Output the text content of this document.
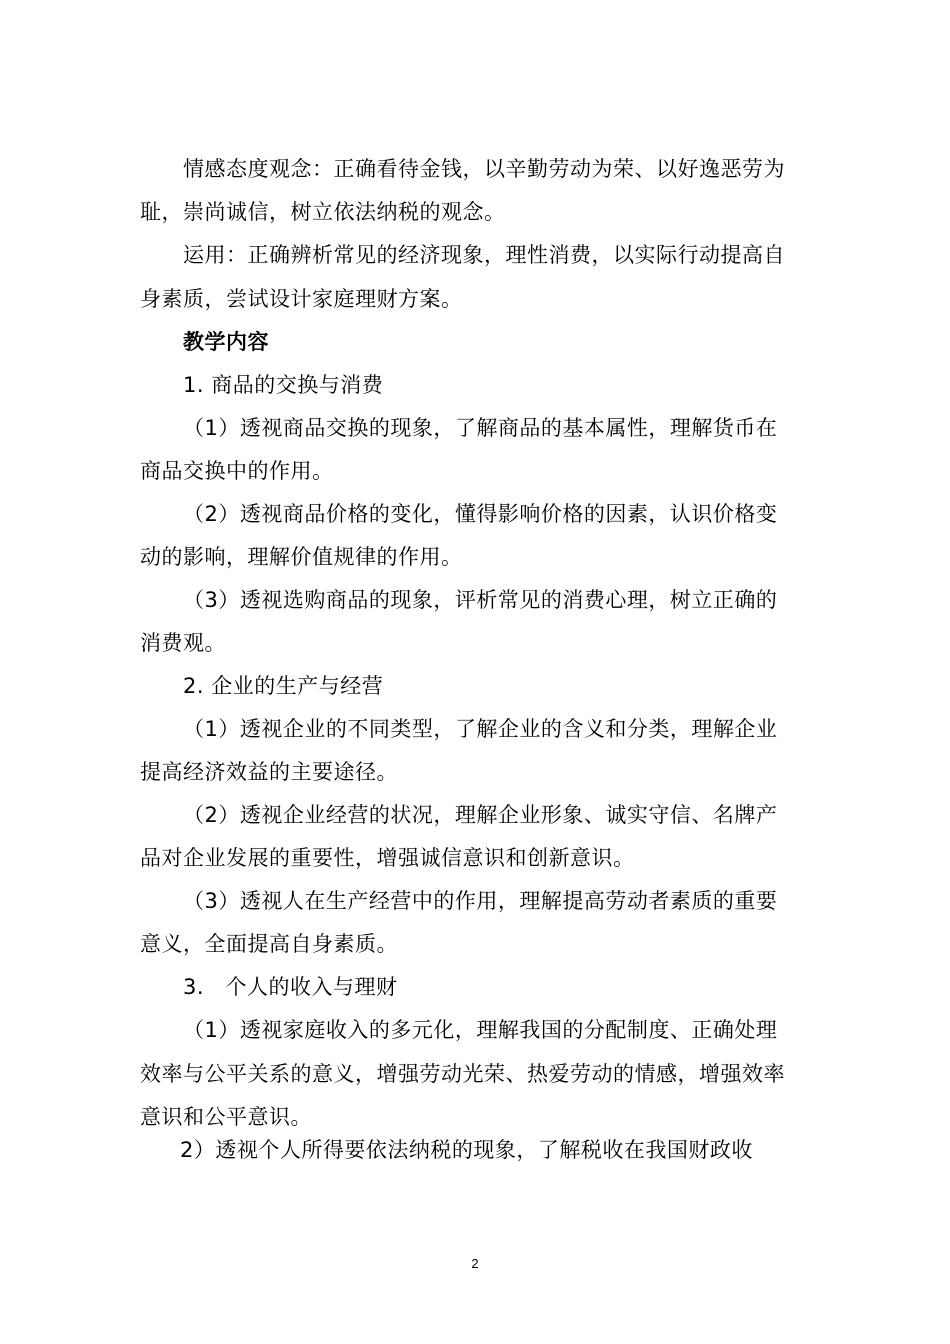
情感态度观念：正确看待金钱，以辛勤劳动为荣、以好逸恶劳为
耻，崇尚诚信，树立依法纳税的观念。
运用：正确辨析常见的经济现象，理性消费，以实际行动提高自
身素质，尝试设计家庭理财方案。
教学内容
1. 商品的交换与消费
（1）透视商品交换的现象，了解商品的基本属性，理解货币在
商品交换中的作用。
（2）透视商品价格的变化，懂得影响价格的因素，认识价格变
动的影响，理解价值规律的作用。
（3）透视选购商品的现象，评析常见的消费心理，树立正确的
消费观。
2. 企业的生产与经营
（1）透视企业的不同类型，了解企业的含义和分类，理解企业
提高经济效益的主要途径。
（2）透视企业经营的状况，理解企业形象、诚实守信、名牌产
品对企业发展的重要性，增强诚信意识和创新意识。
（3）透视人在生产经营中的作用，理解提高劳动者素质的重要
意义，全面提高自身素质。
3.　个人的收入与理财
（1）透视家庭收入的多元化，理解我国的分配制度、正确处理
效率与公平关系的意义，增强劳动光荣、热爱劳动的情感，增强效率
意识和公平意识。
2）透视个人所得要依法纳税的现象，了解税收在我国财政收
2
